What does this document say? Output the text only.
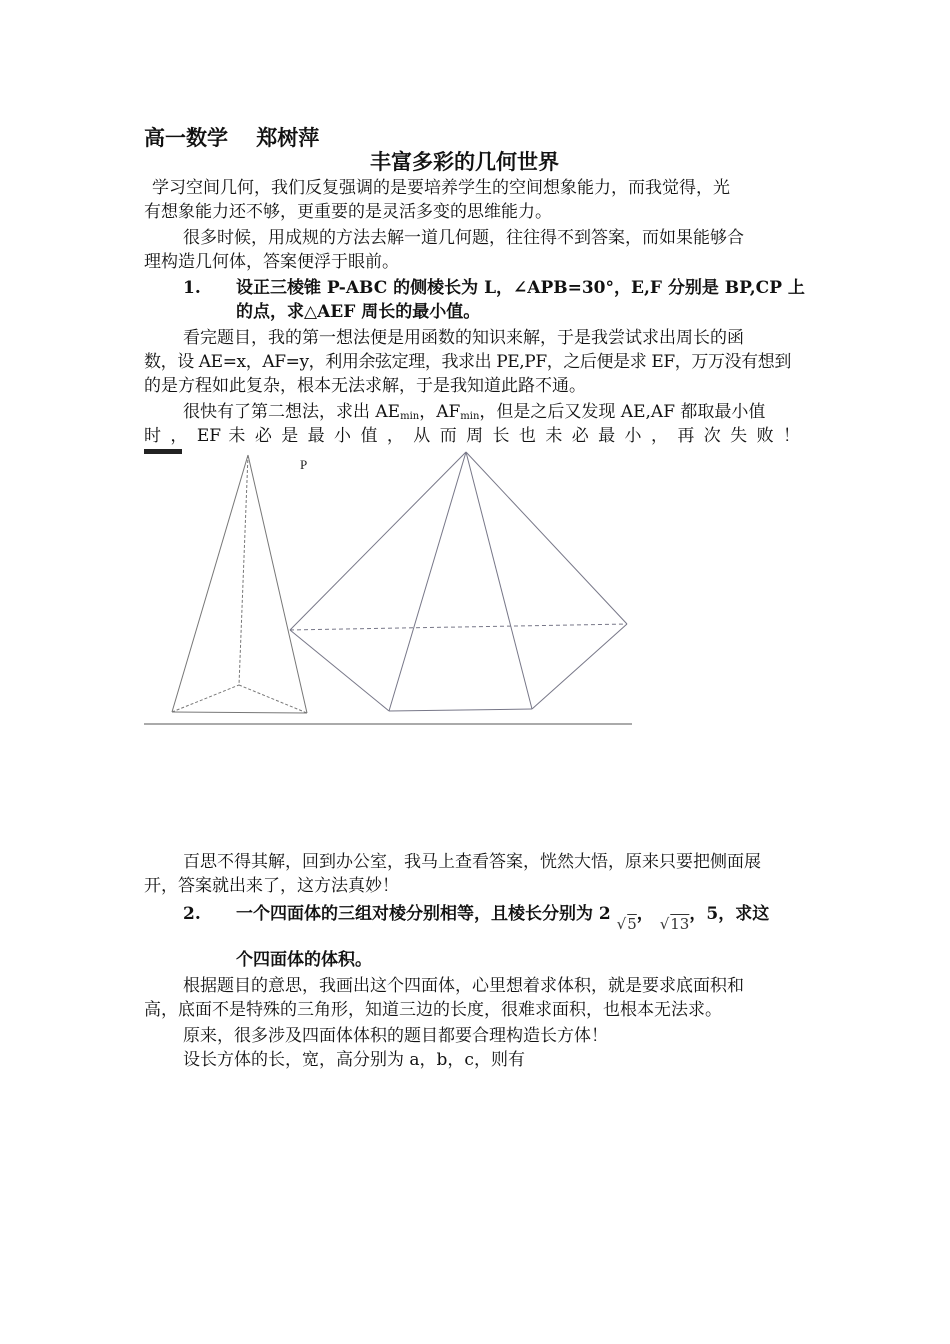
高一数学　 郑树萍
丰富多彩的几何世界
学习空间几何，我们反复强调的是要培养学生的空间想象能力，而我觉得，光
有想象能力还不够，更重要的是灵活多变的思维能力。
很多时候，用成规的方法去解一道几何题，往往得不到答案，而如果能够合
理构造几何体，答案便浮于眼前。
1. 设正三棱锥 P-ABC 的侧棱长为 L，∠APB=30°，E,F 分别是 BP,CP 上
的点，求△AEF 周长的最小值。
看完题目，我的第一想法便是用函数的知识来解，于是我尝试求出周长的函
数，设 AE=x，AF=y，利用余弦定理，我求出 PE,PF，之后便是求 EF，万万没有想到
的是方程如此复杂，根本无法求解，于是我知道此路不通。
很快有了第二想法，求出 $AE_{min}$，$AF_{min}$，但是之后又发现 AE,AF 都取最小值
时 ， EF 未 必 是 最 小 值 ， 从 而 周 长 也 未 必 最 小 ， 再 次 失 败 ！
P
百思不得其解，回到办公室，我马上查看答案，恍然大悟，原来只要把侧面展
开，答案就出来了，这方法真妙！
2. 一个四面体的三组对棱分别相等，且棱长分别为 2 √5， √13，5，求这
个四面体的体积。
根据题目的意思，我画出这个四面体，心里想着求体积，就是要求底面积和
高，底面不是特殊的三角形，知道三边的长度，很难求面积，也根本无法求。
原来，很多涉及四面体体积的题目都要合理构造长方体！
设长方体的长，宽，高分别为 a，b，c，则有
